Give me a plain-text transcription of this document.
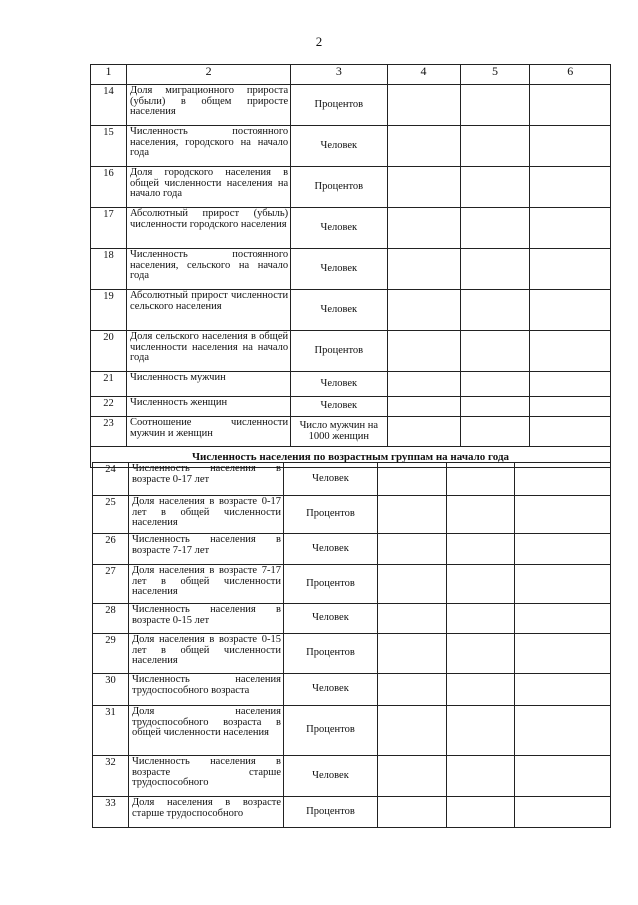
2
1	2	3	4	5	6
14	Доля миграционного прироста (убыли) в общем приросте населения	Процентов			
15	Численность постоянного населения, городского на начало года	Человек			
16	Доля городского населения в общей численности населения на начало года	Процентов			
17	Абсолютный прирост (убыль) численности городского населения	Человек			
18	Численность постоянного населения, сельского на начало года	Человек			
19	Абсолютный прирост численности сельского населения	Человек			
20	Доля сельского населения в общей численности населения на начало года	Процентов			
21	Численность мужчин	Человек			
22	Численность женщин	Человек			
23	Соотношение численности мужчин и женщин	Число мужчин на 1000 женщин			
Численность населения по возрастным группам на начало года					
24	Численность населения в возрасте 0-17 лет	Человек			
25	Доля населения в возрасте 0-17 лет в общей численности населения	Процентов			
26	Численность населения в возрасте 7-17 лет	Человек			
27	Доля населения в возрасте 7-17 лет в общей численности населения	Процентов			
28	Численность населения в возрасте 0-15 лет	Человек			
29	Доля населения в возрасте 0-15 лет в общей численности населения	Процентов			
30	Численность населения трудоспособного возраста	Человек			
31	Доля населения трудоспособного возраста в общей численности населения	Процентов			
32	Численность населения в возрасте старше трудоспособного	Человек			
33	Доля населения в возрасте старше трудоспособного	Процентов			
